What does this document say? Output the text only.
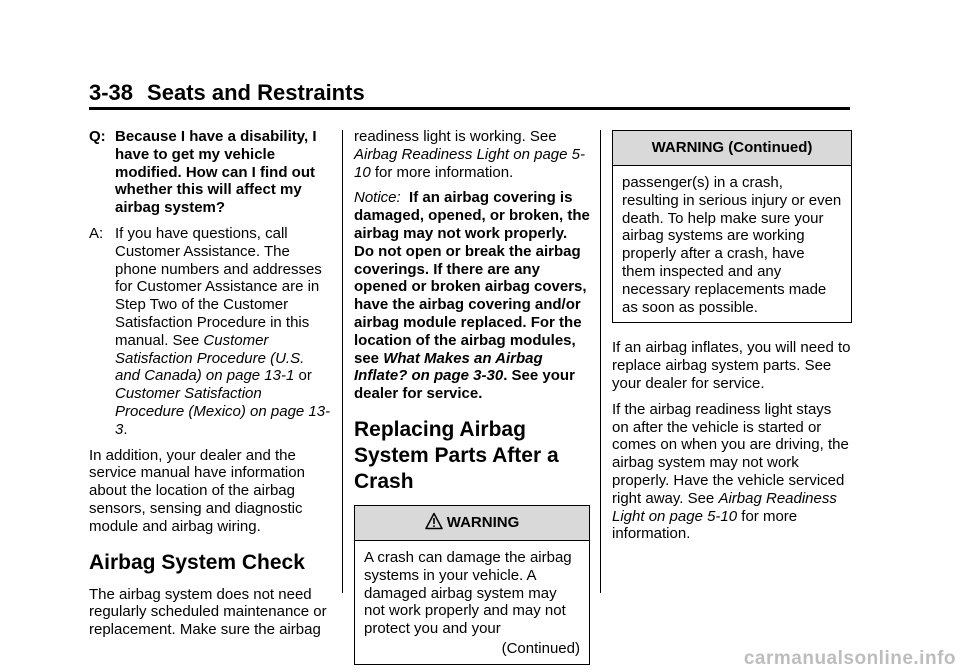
3-38 Seats and Restraints
Q: Because I have a disability, I have to get my vehicle modified. How can I find out whether this will affect my airbag system?
A: If you have questions, call Customer Assistance. The phone numbers and addresses for Customer Assistance are in Step Two of the Customer Satisfaction Procedure in this manual. See Customer Satisfaction Procedure (U.S. and Canada) on page 13-1 or Customer Satisfaction Procedure (Mexico) on page 13-3.

In addition, your dealer and the service manual have information about the location of the airbag sensors, sensing and diagnostic module and airbag wiring.

Airbag System Check

The airbag system does not need regularly scheduled maintenance or replacement. Make sure the airbag

readiness light is working. See Airbag Readiness Light on page 5-10 for more information.

Notice: If an airbag covering is damaged, opened, or broken, the airbag may not work properly. Do not open or break the airbag coverings. If there are any opened or broken airbag covers, have the airbag covering and/or airbag module replaced. For the location of the airbag modules, see What Makes an Airbag Inflate? on page 3-30. See your dealer for service.

Replacing Airbag System Parts After a Crash
WARNING
A crash can damage the airbag systems in your vehicle. A damaged airbag system may not work properly and may not protect you and your
(Continued)
WARNING (Continued)
passenger(s) in a crash, resulting in serious injury or even death. To help make sure your airbag systems are working properly after a crash, have them inspected and any necessary replacements made as soon as possible.

If an airbag inflates, you will need to replace airbag system parts. See your dealer for service.

If the airbag readiness light stays on after the vehicle is started or comes on when you are driving, the airbag system may not work properly. Have the vehicle serviced right away. See Airbag Readiness Light on page 5-10 for more information.

carmanualsonline.info
